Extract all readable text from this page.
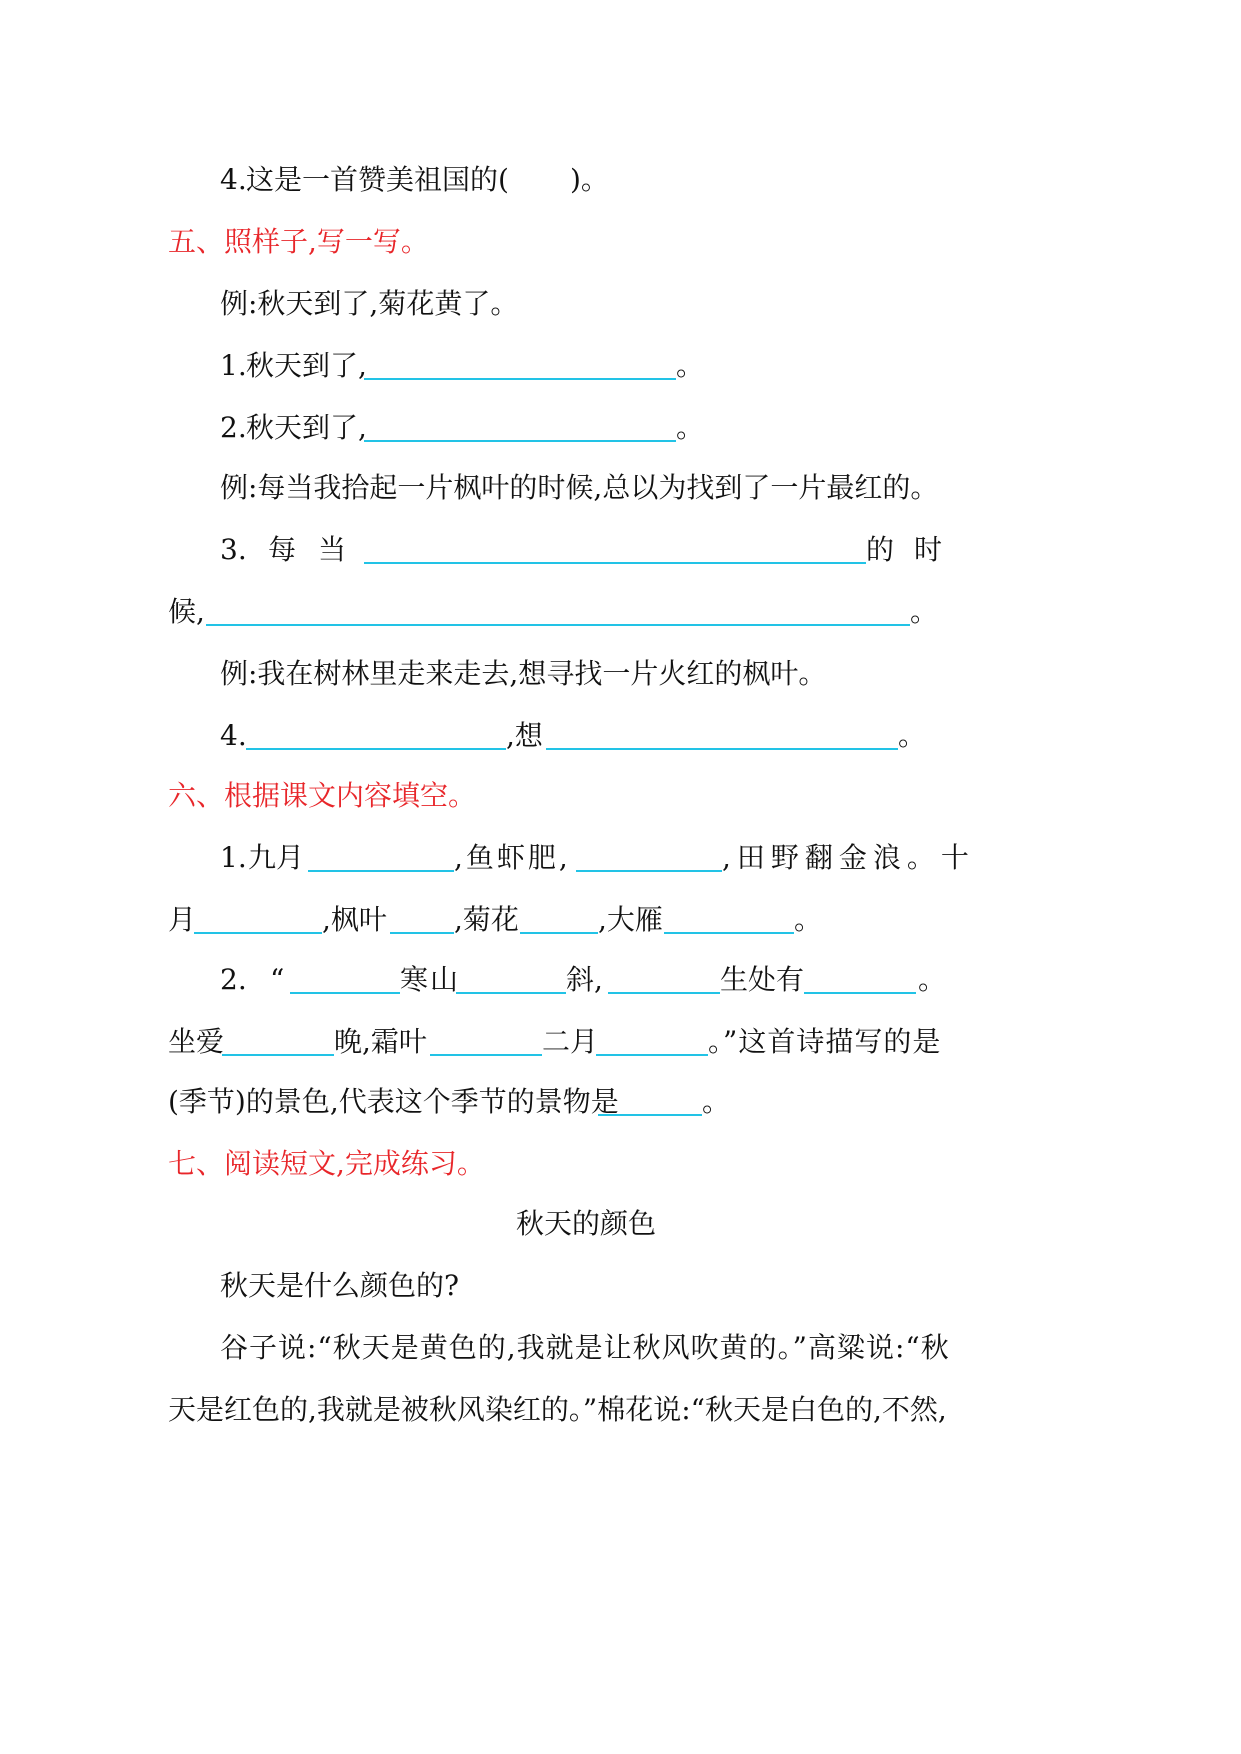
4. 这是一首赞美祖国的( )。
五、照样子,写一写。
例:秋天到了,菊花黄了。
1. 秋天到了,	。
2. 秋天到了,	。
例:每当我拾起一片枫叶的时候,总以为找到了一片最红的。
3. 每 当	的 时
候,	。
例:我在树林里走来走去,想寻找一片火红的枫叶。
4.	,想	。
六、根据课文内容填空。
1. 九月	,鱼虾肥,	,田野翻金浪。十
月	,枫叶 ,菊花	,大雁	。
2. “	寒山	斜,	生处有	。
坐爱	晚,霜叶	二月	。”这首诗描写的是
(季节)的景色,代表这个季节的景物是	。
七、阅读短文,完成练习。
秋天的颜色
秋天是什么颜色的?
谷子说:“秋天是黄色的,我就是让秋风吹黄的。”高粱说:“秋
天是红色的,我就是被秋风染红的。”棉花说:“秋天是白色的,不然,
